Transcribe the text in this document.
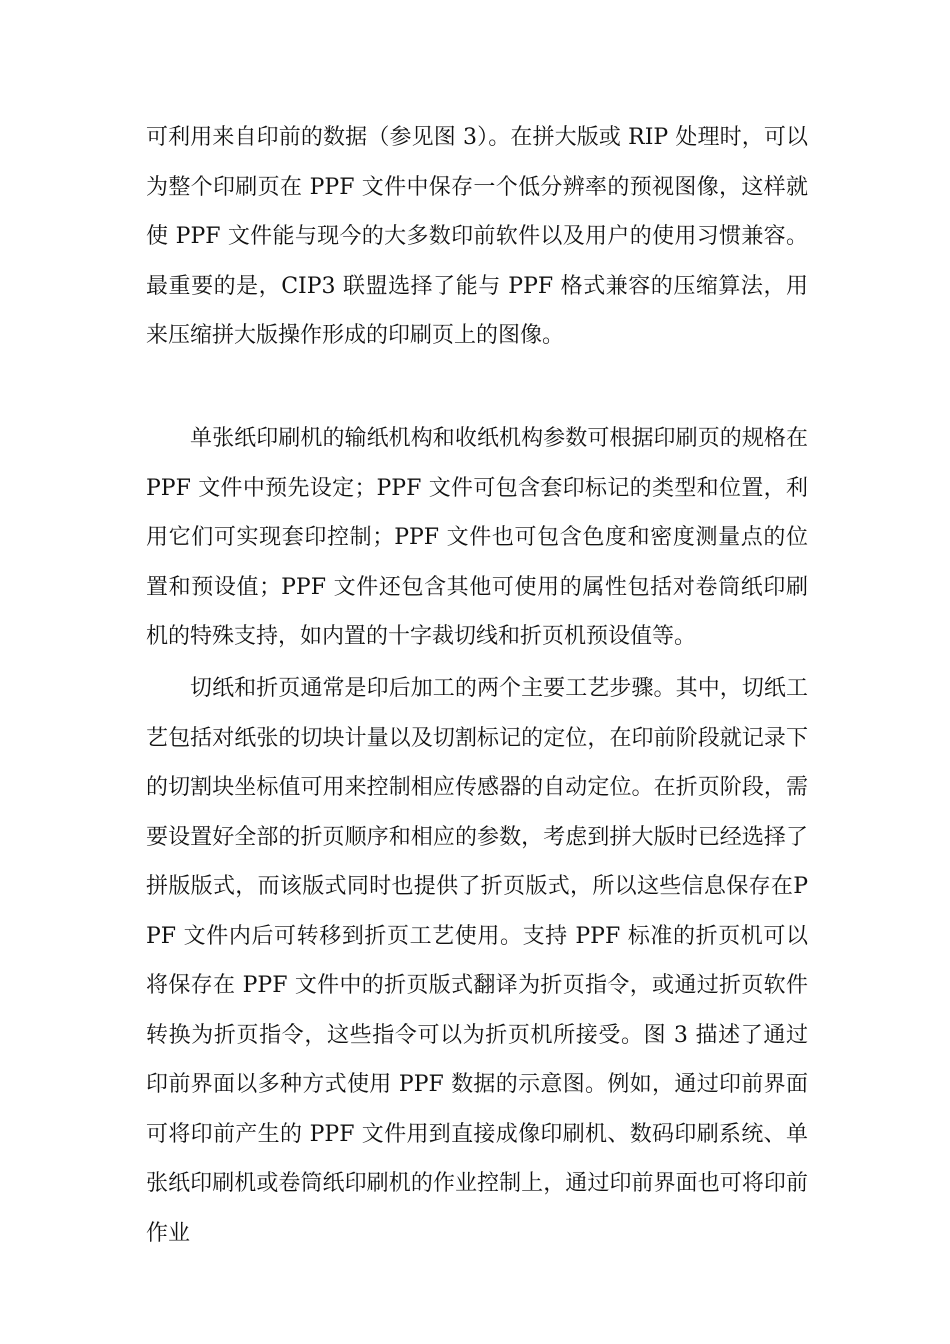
可利用来自印前的数据（参见图 3）。在拼大版或 RIP 处理时，可以为整个印刷页在 PPF 文件中保存一个低分辨率的预视图像，这样就使 PPF 文件能与现今的大多数印前软件以及用户的使用习惯兼容。最重要的是，CIP3 联盟选择了能与 PPF 格式兼容的压缩算法，用来压缩拼大版操作形成的印刷页上的图像。

单张纸印刷机的输纸机构和收纸机构参数可根据印刷页的规格在 PPF 文件中预先设定；PPF 文件可包含套印标记的类型和位置，利用它们可实现套印控制；PPF 文件也可包含色度和密度测量点的位置和预设值；PPF 文件还包含其他可使用的属性包括对卷筒纸印刷机的特殊支持，如内置的十字裁切线和折页机预设值等。

切纸和折页通常是印后加工的两个主要工艺步骤。其中，切纸工艺包括对纸张的切块计量以及切割标记的定位，在印前阶段就记录下的切割块坐标值可用来控制相应传感器的自动定位。在折页阶段，需要设置好全部的折页顺序和相应的参数，考虑到拼大版时已经选择了拼版版式，而该版式同时也提供了折页版式，所以这些信息保存在PPF 文件内后可转移到折页工艺使用。支持 PPF 标准的折页机可以将保存在 PPF 文件中的折页版式翻译为折页指令，或通过折页软件转换为折页指令，这些指令可以为折页机所接受。图 3 描述了通过印前界面以多种方式使用 PPF 数据的示意图。例如，通过印前界面可将印前产生的 PPF 文件用到直接成像印刷机、数码印刷系统、单张纸印刷机或卷筒纸印刷机的作业控制上，通过印前界面也可将印前作业
